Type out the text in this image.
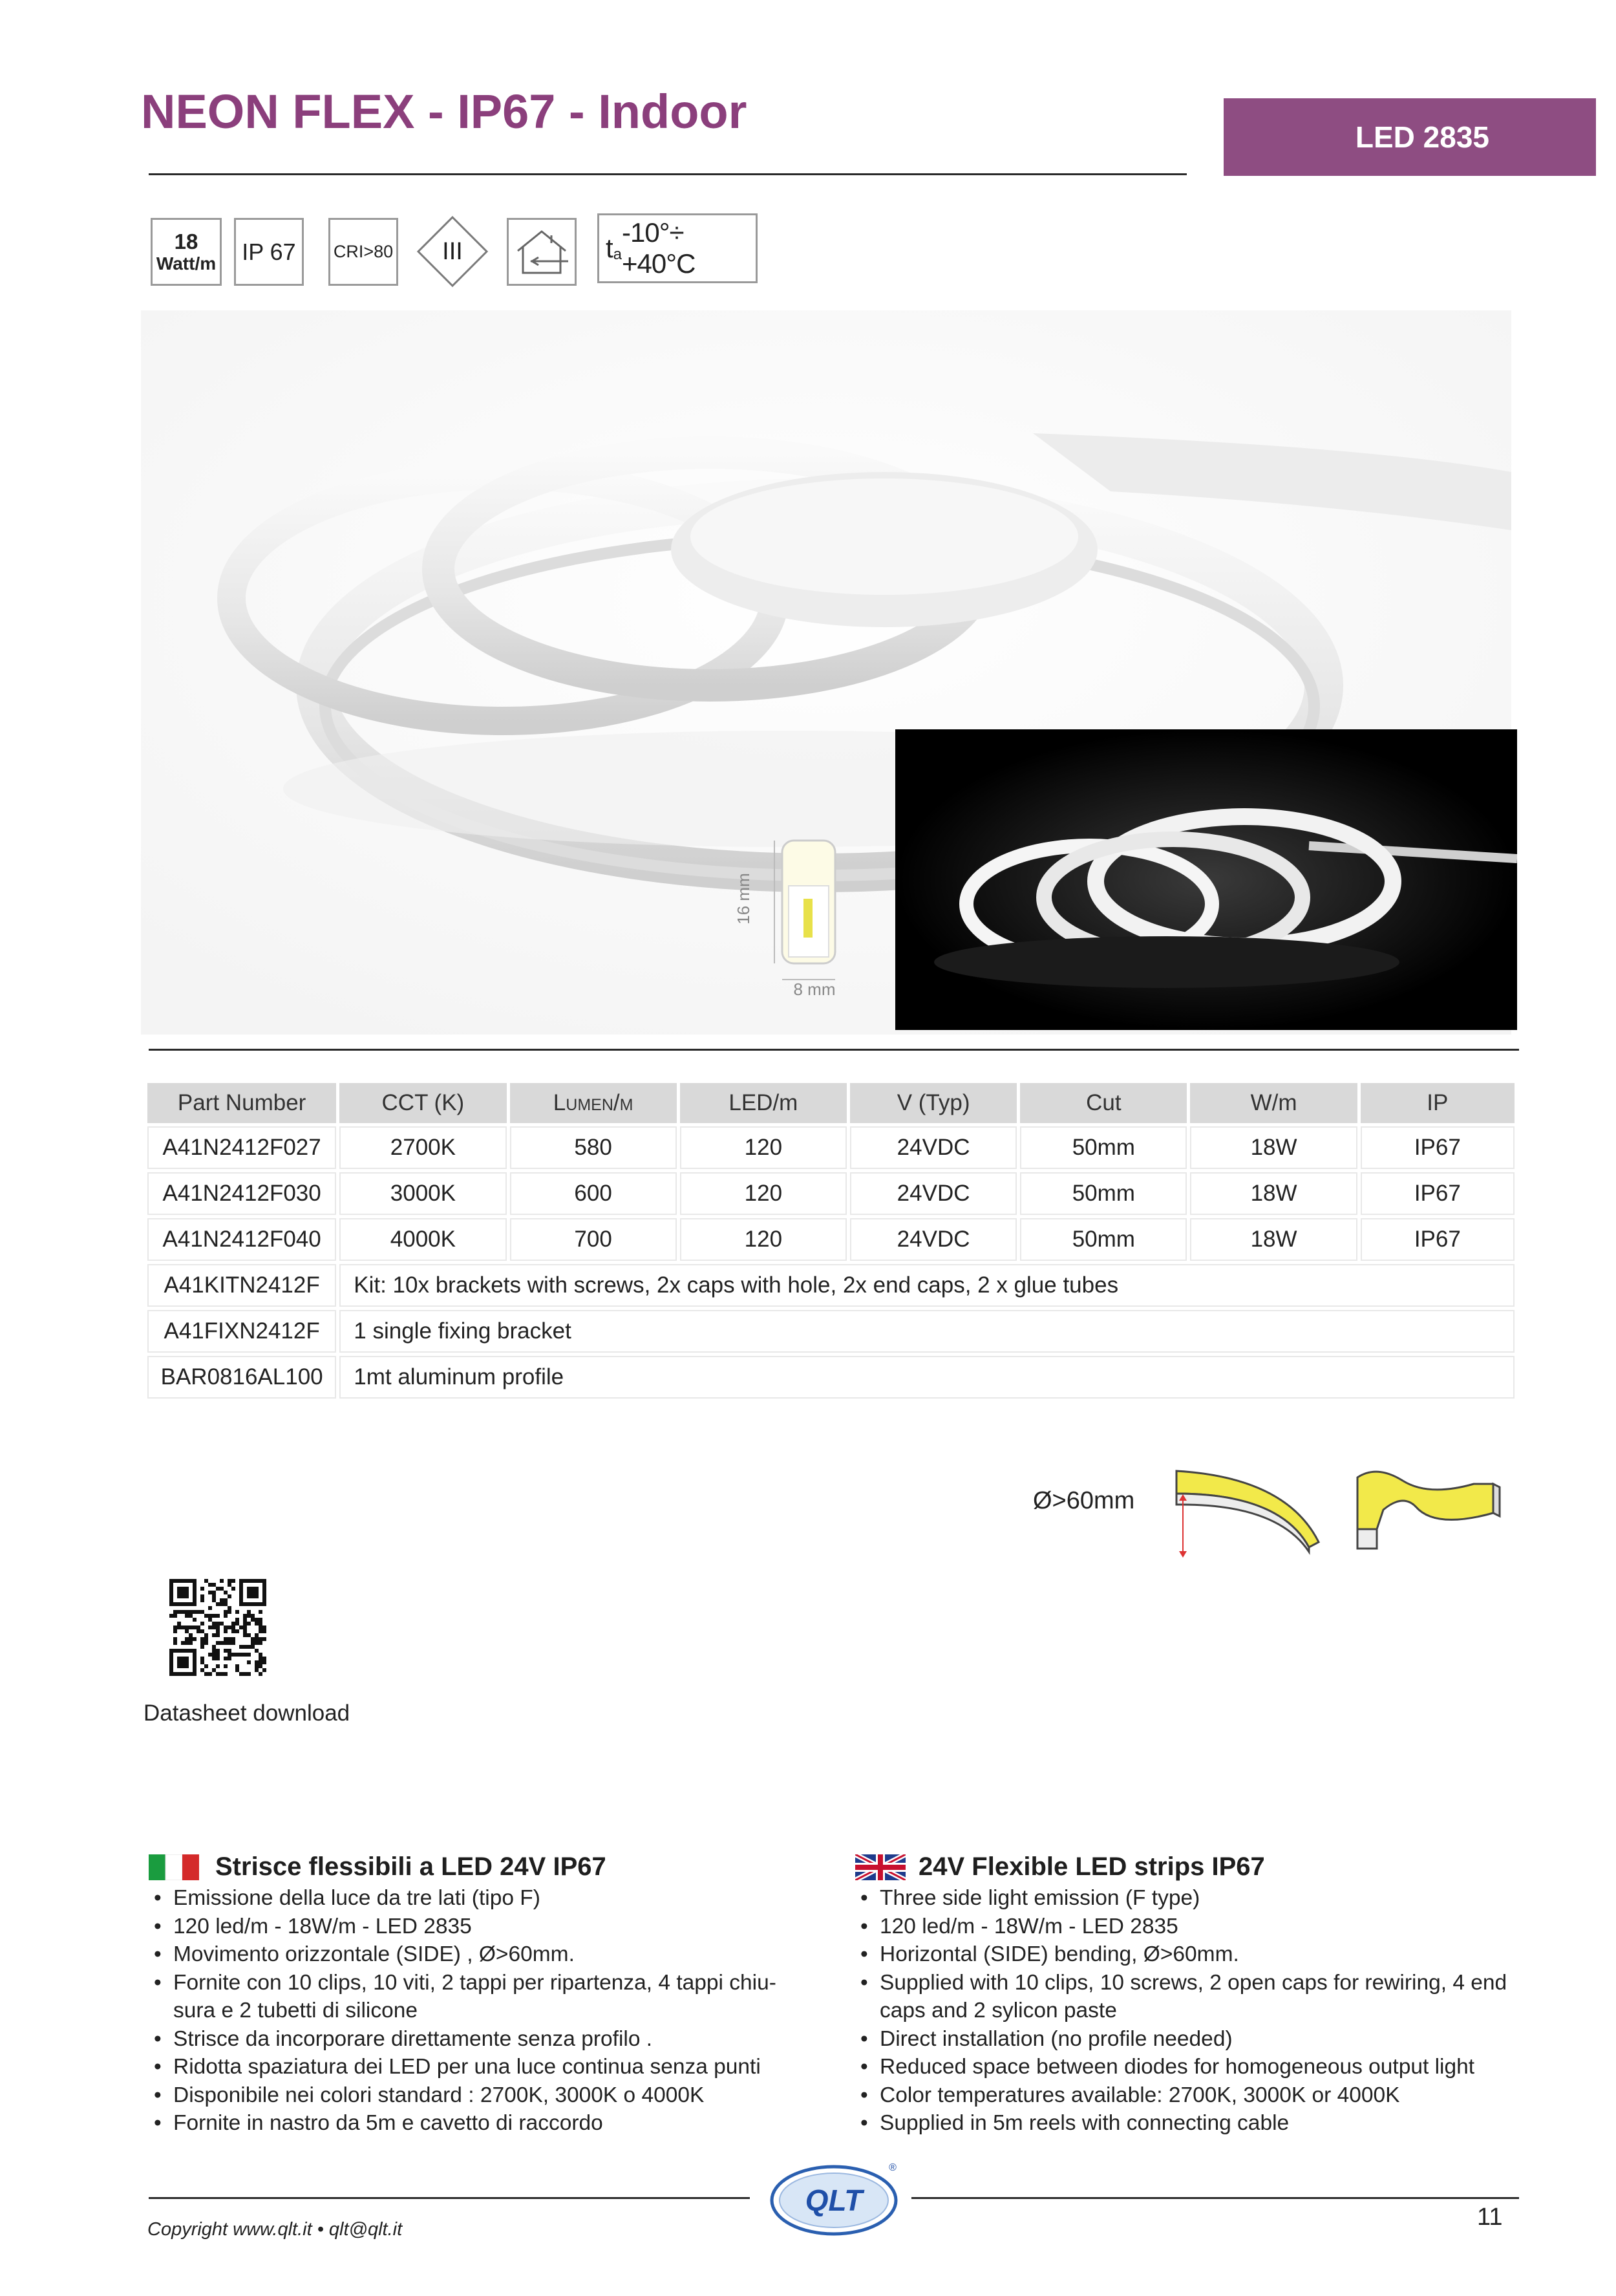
NEON FLEX - IP67 - Indoor	LED 2835
18
Watt/m IP 67 CRI>80	III	t a
-10°÷ +40°C
16 mm
8 mm
Part Number	CCT (K)	Lumen/m	LED/m	V (Typ)	Cut	W/m	IP
A41N2412F027	2700K	580	120	24VDC	50mm	18W	IP67
A41N2412F030	3000K	600	120	24VDC	50mm	18W	IP67
A41N2412F040	4000K	700	120	24VDC	50mm	18W	IP67
A41KITN2412F	Kit: 10x brackets with screws, 2x caps with hole, 2x end caps, 2 x glue tubes						
A41FIXN2412F	1 single fixing bracket						
BAR0816AL100	1mt aluminum profile						
Ø>60mm
Datasheet download
Strisce flessibili a LED 24V IP67
• Emissione della luce da tre lati (tipo F)
• 120 led/m - 18W/m - LED 2835
• Movimento orizzontale (SIDE) , Ø>60mm.
• Fornite con 10 clips, 10 viti, 2 tappi per ripartenza, 4 tappi chiu-sura e 2 tubetti di silicone
• Strisce da incorporare direttamente senza profilo .
• Ridotta spaziatura dei LED per una luce continua senza punti
• Disponibile nei colori standard : 2700K, 3000K o 4000K
• Fornite in nastro da 5m e cavetto di raccordo
24V Flexible LED strips IP67
• Three side light emission (F type)
• 120 led/m - 18W/m - LED 2835
• Horizontal (SIDE) bending, Ø>60mm.
• Supplied with 10 clips, 10 screws, 2 open caps for rewiring, 4 end caps and 2 sylicon paste
• Direct installation (no profile needed)
• Reduced space between diodes for homogeneous output light
• Color temperatures available: 2700K, 3000K or 4000K
• Supplied in 5m reels with connecting cable
QLT
®
Copyright www.qlt.it • qlt@qlt.it	11
